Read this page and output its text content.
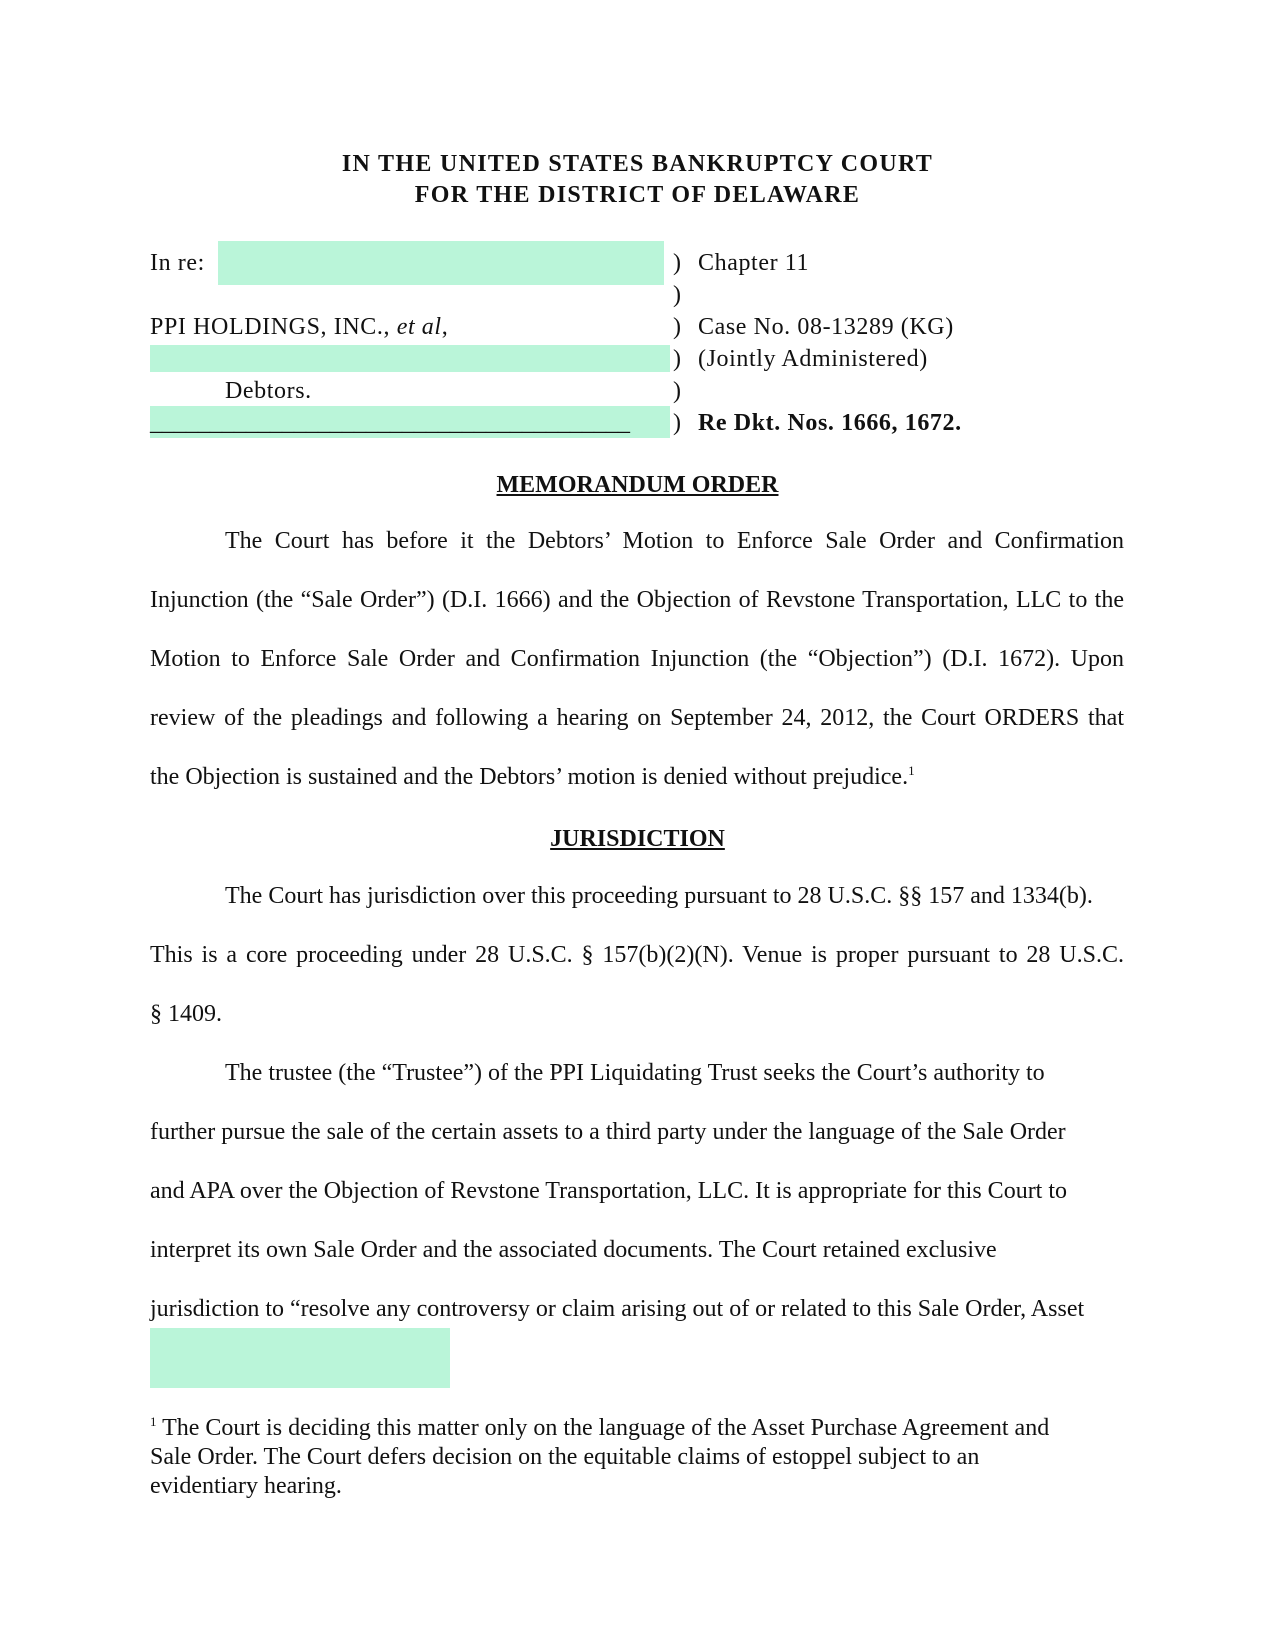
IN THE UNITED STATES BANKRUPTCY COURT
FOR THE DISTRICT OF DELAWARE
In re:
PPI HOLDINGS, INC., et al,
Debtors.
________________________________________
)
)
)
)
)
)
Chapter 11
Case No. 08-13289 (KG)
(Jointly Administered)
Re Dkt. Nos. 1666, 1672.
MEMORANDUM ORDER
The Court has before it the Debtors’ Motion to Enforce Sale Order and Confirmation
Injunction (the “Sale Order”) (D.I. 1666) and the Objection of Revstone Transportation, LLC to the
Motion to Enforce Sale Order and Confirmation Injunction (the “Objection”) (D.I. 1672). Upon
review of the pleadings and following a hearing on September 24, 2012, the Court ORDERS that
the Objection is sustained and the Debtors’ motion is denied without prejudice.$^1$
JURISDICTION
The Court has jurisdiction over this proceeding pursuant to 28 U.S.C. §§ 157 and 1334(b).
This is a core proceeding under 28 U.S.C. § 157(b)(2)(N). Venue is proper pursuant to 28 U.S.C.
§ 1409.
The trustee (the “Trustee”) of the PPI Liquidating Trust seeks the Court’s authority to
further pursue the sale of the certain assets to a third party under the language of the Sale Order
and APA over the Objection of Revstone Transportation, LLC. It is appropriate for this Court to
interpret its own Sale Order and the associated documents. The Court retained exclusive
jurisdiction to “resolve any controversy or claim arising out of or related to this Sale Order, Asset
$^1$ The Court is deciding this matter only on the language of the Asset Purchase Agreement and
Sale Order. The Court defers decision on the equitable claims of estoppel subject to an
evidentiary hearing.
